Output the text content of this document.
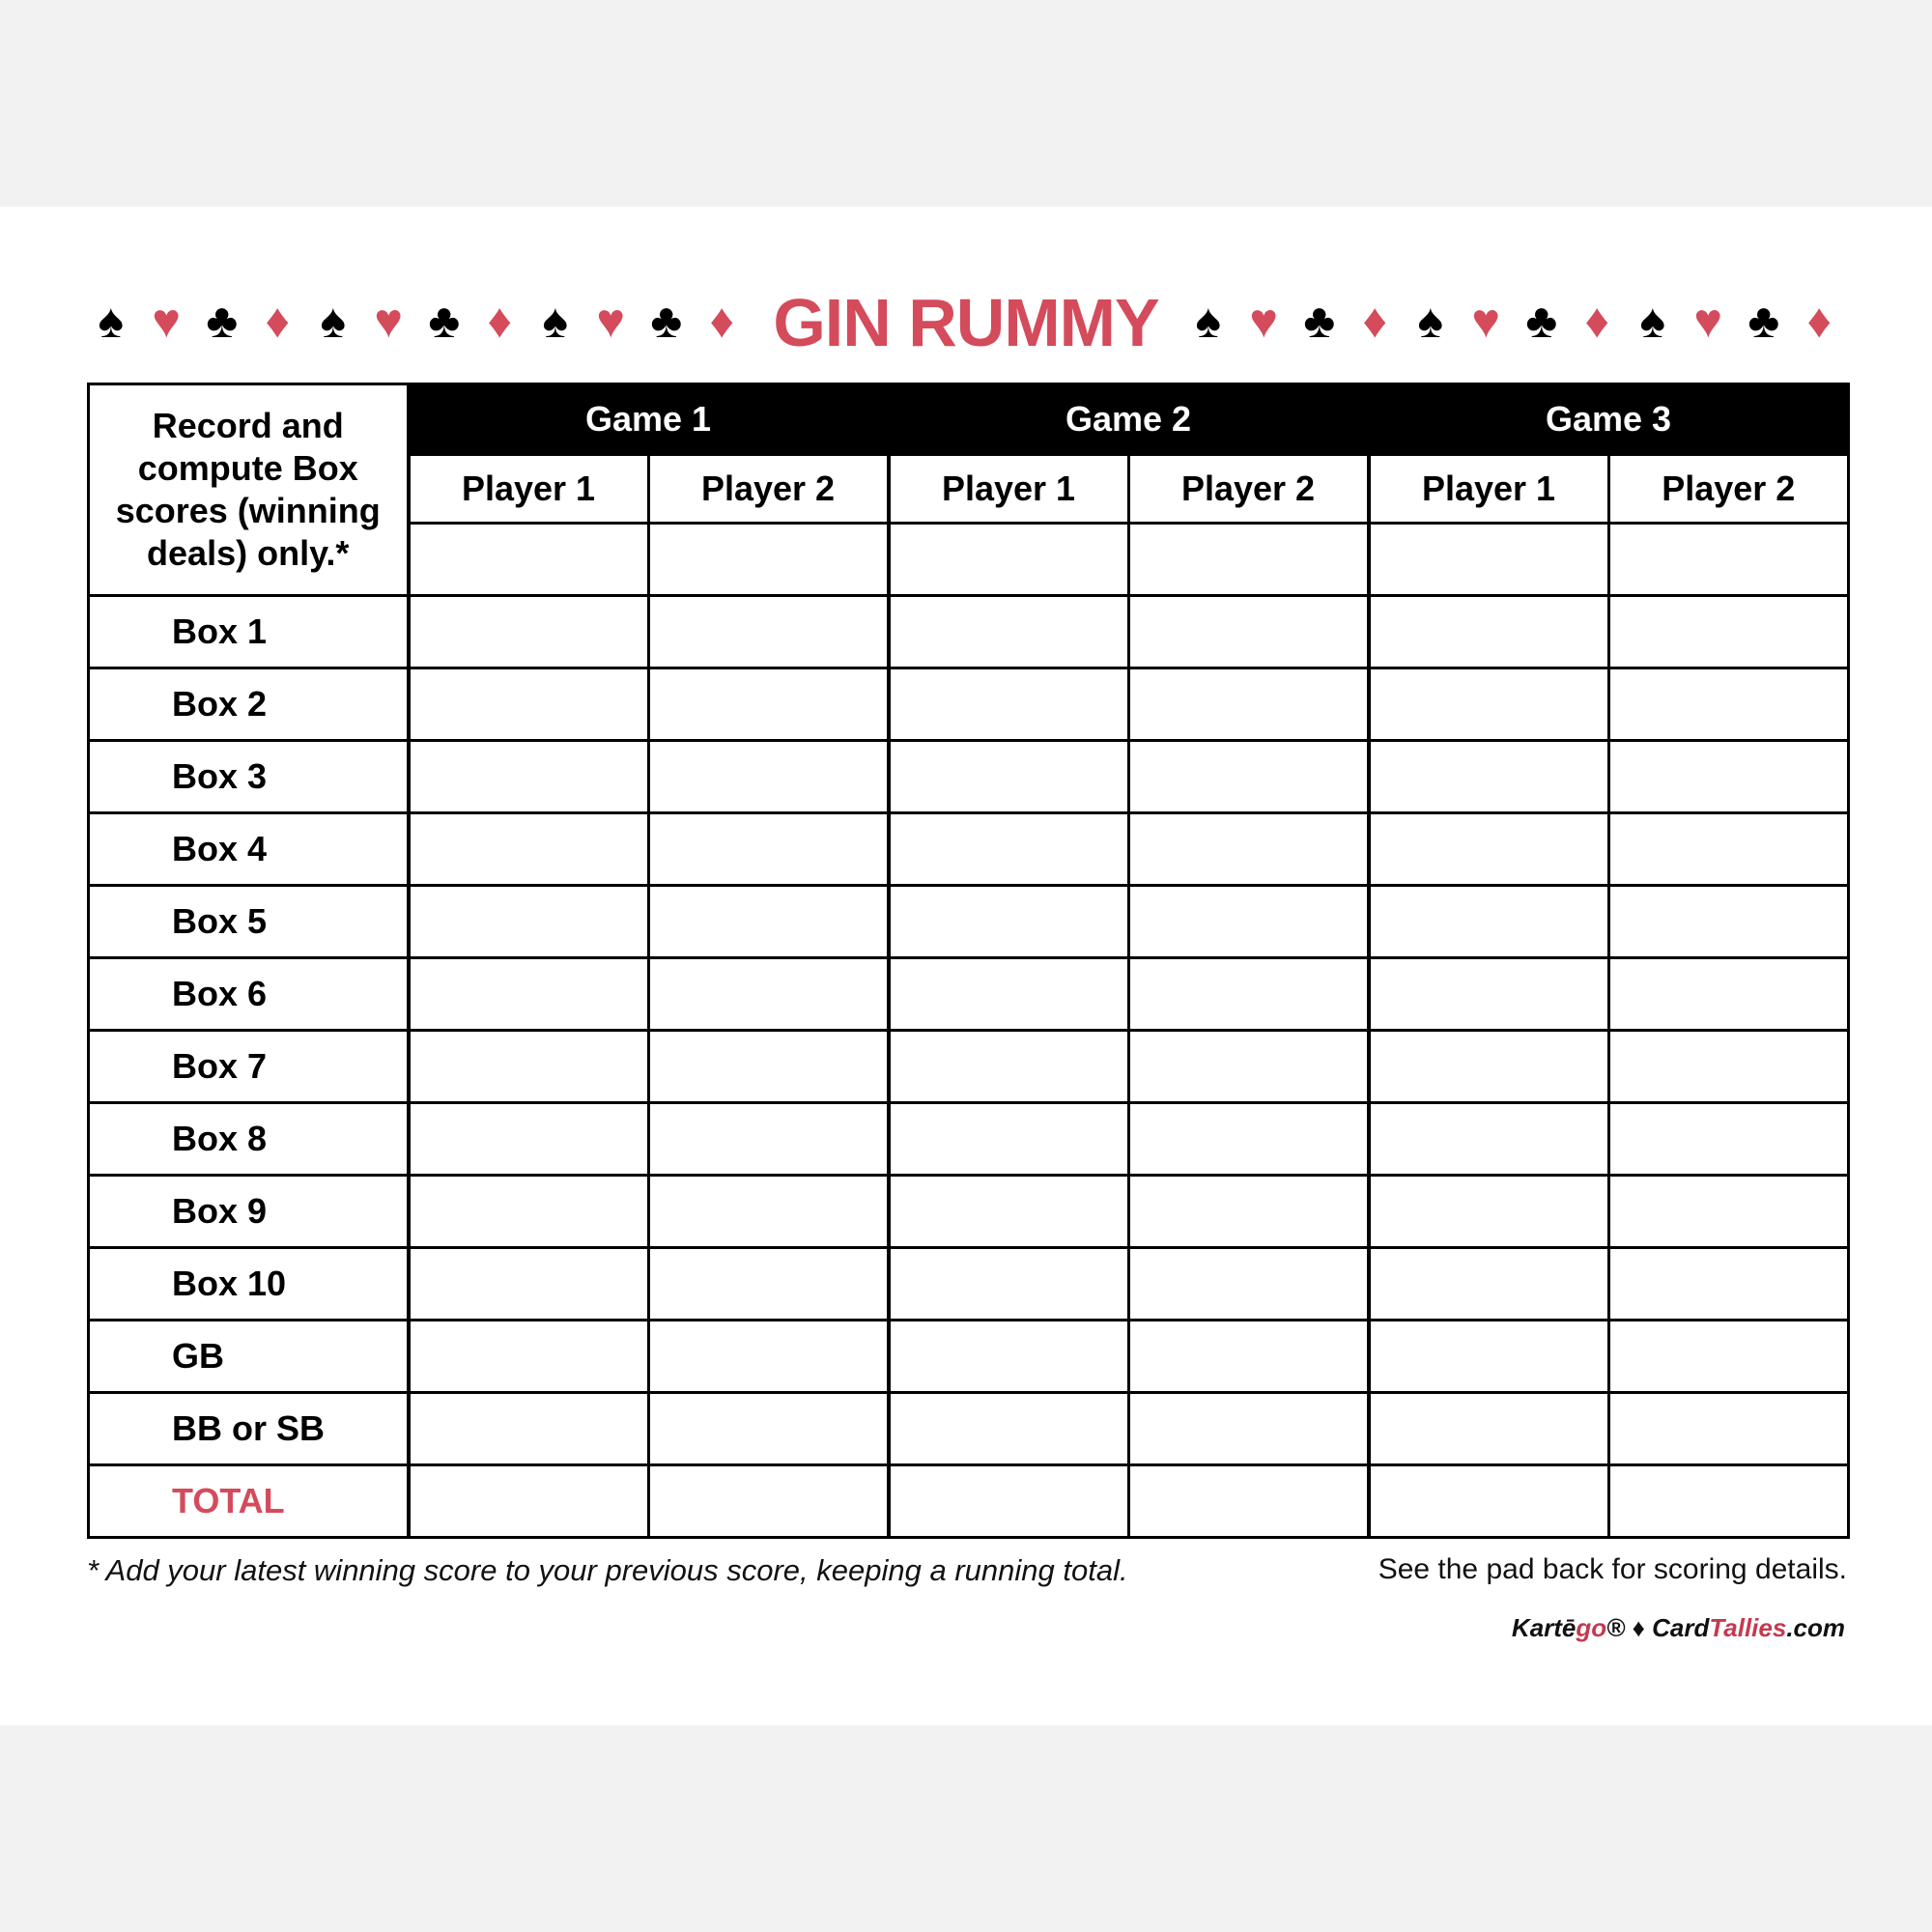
♠ ♥ ♣ ♦ ♠ ♥ ♣ ♦ ♠ ♥ ♣ ♦ GIN RUMMY ♠ ♥ ♣ ♦ ♠ ♥ ♣ ♦ ♠ ♥ ♣ ♦
Record and compute Box scores (winning deals) only.*	Game 1		Game 2		Game 3	
	Player 1	Player 2	Player 1	Player 2	Player 1	Player 2

Box 1						
Box 2						
Box 3						
Box 4						
Box 5						
Box 6						
Box 7						
Box 8						
Box 9						
Box 10						
GB						
BB or SB						
TOTAL						
* Add your latest winning score to your previous score, keeping a running total.	See the pad back for scoring details.
Kartēgo® ♦ CardTallies.com
